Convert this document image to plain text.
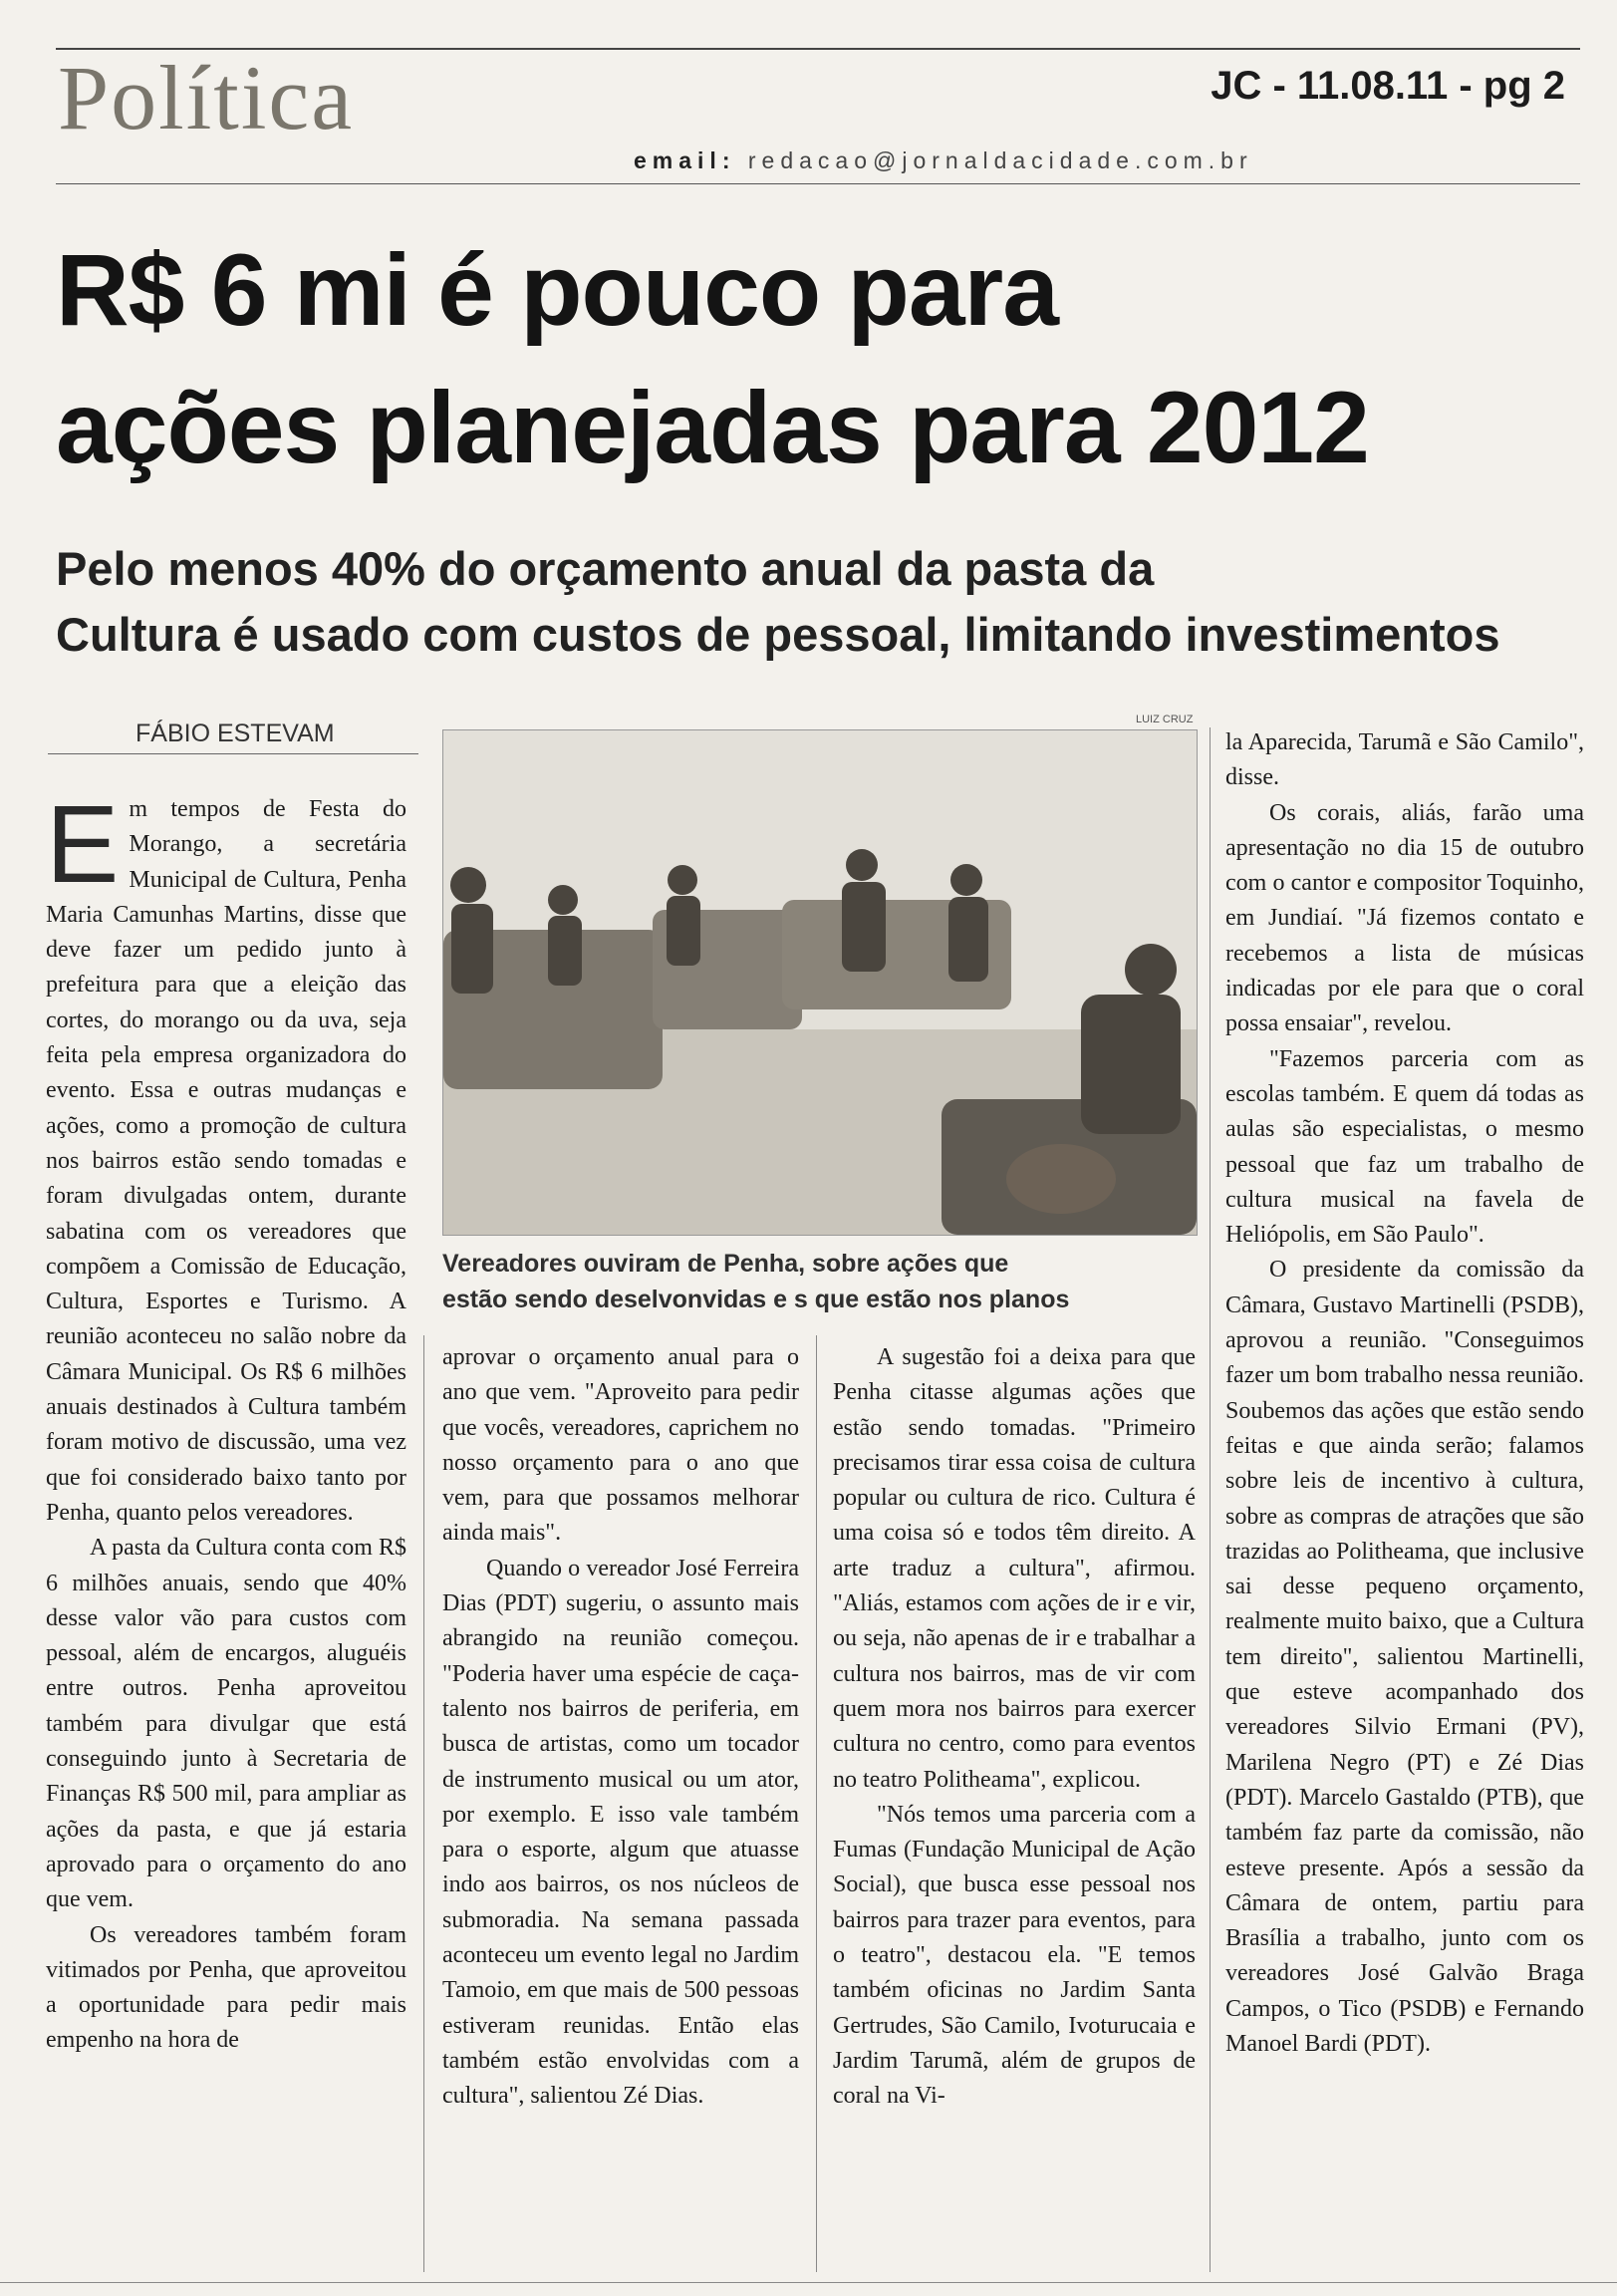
Política	JC - 11.08.11 - pg 2
email: redacao@jornaldacidade.com.br
R$ 6 mi é pouco para
ações planejadas para 2012
Pelo menos 40% do orçamento anual da pasta da
Cultura é usado com custos de pessoal, limitando investimentos
FÁBIO ESTEVAM

Em tempos de Festa do Morango, a secretária Municipal de Cultura, Penha Maria Camunhas Martins, disse que deve fazer um pedido junto à prefeitura para que a eleição das cortes, do morango ou da uva, seja feita pela empresa organizadora do evento. Essa e outras mudanças e ações, como a promoção de cultura nos bairros estão sendo tomadas e foram divulgadas ontem, durante sabatina com os vereadores que compõem a Comissão de Educação, Cultura, Esportes e Turismo. A reunião aconteceu no salão nobre da Câmara Municipal. Os R$ 6 milhões anuais destinados à Cultura também foram motivo de discussão, uma vez que foi considerado baixo tanto por Penha, quanto pelos vereadores.

A pasta da Cultura conta com R$ 6 milhões anuais, sendo que 40% desse valor vão para custos com pessoal, além de encargos, aluguéis entre outros. Penha aproveitou também para divulgar que está conseguindo junto à Secretaria de Finanças R$ 500 mil, para ampliar as ações da pasta, e que já estaria aprovado para o orçamento do ano que vem.

Os vereadores também foram vitimados por Penha, que aproveitou a oportunidade para pedir mais empenho na hora de

LUIZ CRUZ

Vereadores ouviram de Penha, sobre ações que
estão sendo deselvonvidas e s que estão nos planos

aprovar o orçamento anual para o ano que vem. "Aproveito para pedir que vocês, vereadores, caprichem no nosso orçamento para o ano que vem, para que possamos melhorar ainda mais".

Quando o vereador José Ferreira Dias (PDT) sugeriu, o assunto mais abrangido na reunião começou. "Poderia haver uma espécie de caça-talento nos bairros de periferia, em busca de artistas, como um tocador de instrumento musical ou um ator, por exemplo. E isso vale também para o esporte, algum que atuasse indo aos bairros, os nos núcleos de submoradia. Na semana passada aconteceu um evento legal no Jardim Tamoio, em que mais de 500 pessoas estiveram reunidas. Então elas também estão envolvidas com a cultura", salientou Zé Dias.

A sugestão foi a deixa para que Penha citasse algumas ações que estão sendo tomadas. "Primeiro precisamos tirar essa coisa de cultura popular ou cultura de rico. Cultura é uma coisa só e todos têm direito. A arte traduz a cultura", afirmou. "Aliás, estamos com ações de ir e vir, ou seja, não apenas de ir e trabalhar a cultura nos bairros, mas de vir com quem mora nos bairros para exercer cultura no centro, como para eventos no teatro Politheama", explicou.

"Nós temos uma parceria com a Fumas (Fundação Municipal de Ação Social), que busca esse pessoal nos bairros para trazer para eventos, para o teatro", destacou ela. "E temos também oficinas no Jardim Santa Gertrudes, São Camilo, Ivoturucaia e Jardim Tarumã, além de grupos de coral na Vi-

la Aparecida, Tarumã e São Camilo", disse.

Os corais, aliás, farão uma apresentação no dia 15 de outubro com o cantor e compositor Toquinho, em Jundiaí. "Já fizemos contato e recebemos a lista de músicas indicadas por ele para que o coral possa ensaiar", revelou.

"Fazemos parceria com as escolas também. E quem dá todas as aulas são especialistas, o mesmo pessoal que faz um trabalho de cultura musical na favela de Heliópolis, em São Paulo".

O presidente da comissão da Câmara, Gustavo Martinelli (PSDB), aprovou a reunião. "Conseguimos fazer um bom trabalho nessa reunião. Soubemos das ações que estão sendo feitas e que ainda serão; falamos sobre leis de incentivo à cultura, sobre as compras de atrações que são trazidas ao Politheama, que inclusive sai desse pequeno orçamento, realmente muito baixo, que a Cultura tem direito", salientou Martinelli, que esteve acompanhado dos vereadores Silvio Ermani (PV), Marilena Negro (PT) e Zé Dias (PDT). Marcelo Gastaldo (PTB), que também faz parte da comissão, não esteve presente. Após a sessão da Câmara de ontem, partiu para Brasília a trabalho, junto com os vereadores José Galvão Braga Campos, o Tico (PSDB) e Fernando Manoel Bardi (PDT).
